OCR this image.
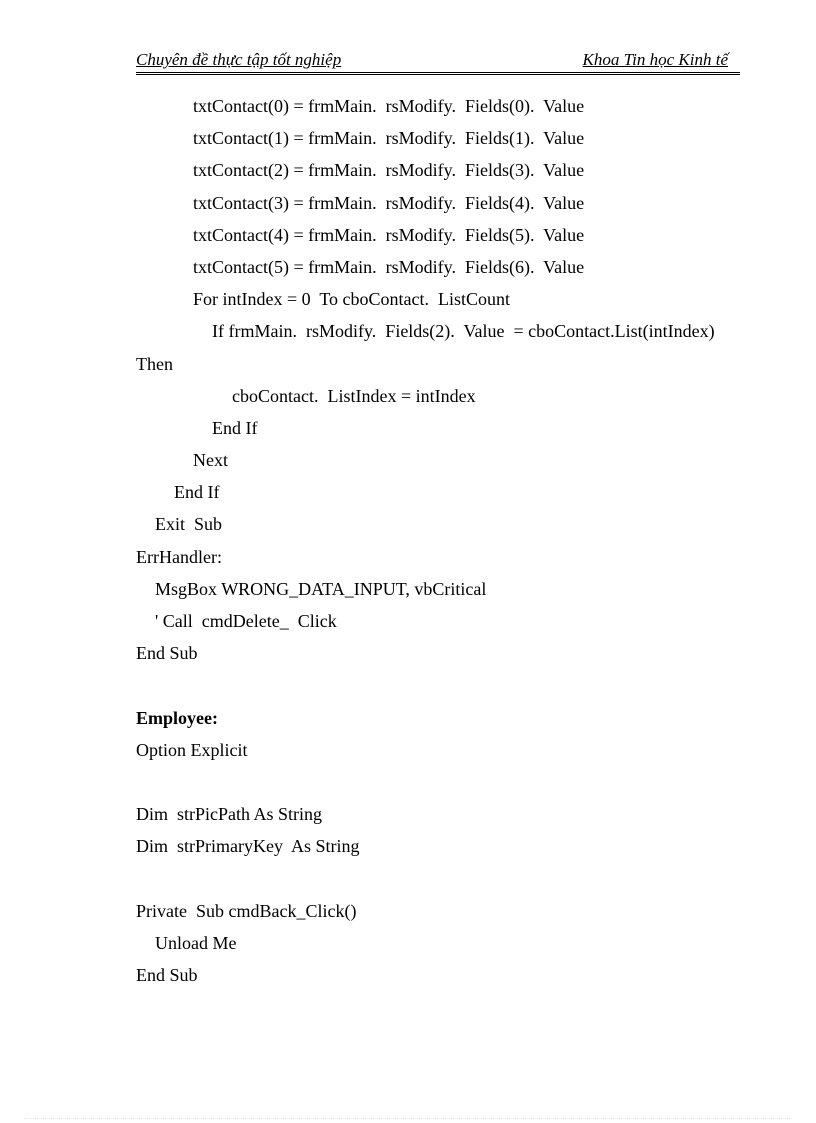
Chuyên đề thực tập tốt nghiệp	Khoa Tin học Kinh tế
txtContact(0) = frmMain.  rsModify.  Fields(0).  Value
txtContact(1) = frmMain.  rsModify.  Fields(1).  Value
txtContact(2) = frmMain.  rsModify.  Fields(3).  Value
txtContact(3) = frmMain.  rsModify.  Fields(4).  Value
txtContact(4) = frmMain.  rsModify.  Fields(5).  Value
txtContact(5) = frmMain.  rsModify.  Fields(6).  Value
For intIndex = 0  To cboContact.  ListCount
If frmMain.  rsModify.  Fields(2).  Value  = cboContact.List(intIndex)
Then
cboContact.  ListIndex = intIndex
End If
Next
End If
Exit  Sub
ErrHandler:
MsgBox WRONG_DATA_INPUT, vbCritical
' Call  cmdDelete_  Click
End Sub
Employee:
Option Explicit
Dim  strPicPath As String
Dim  strPrimaryKey  As String
Private  Sub cmdBack_Click()
Unload Me
End Sub
